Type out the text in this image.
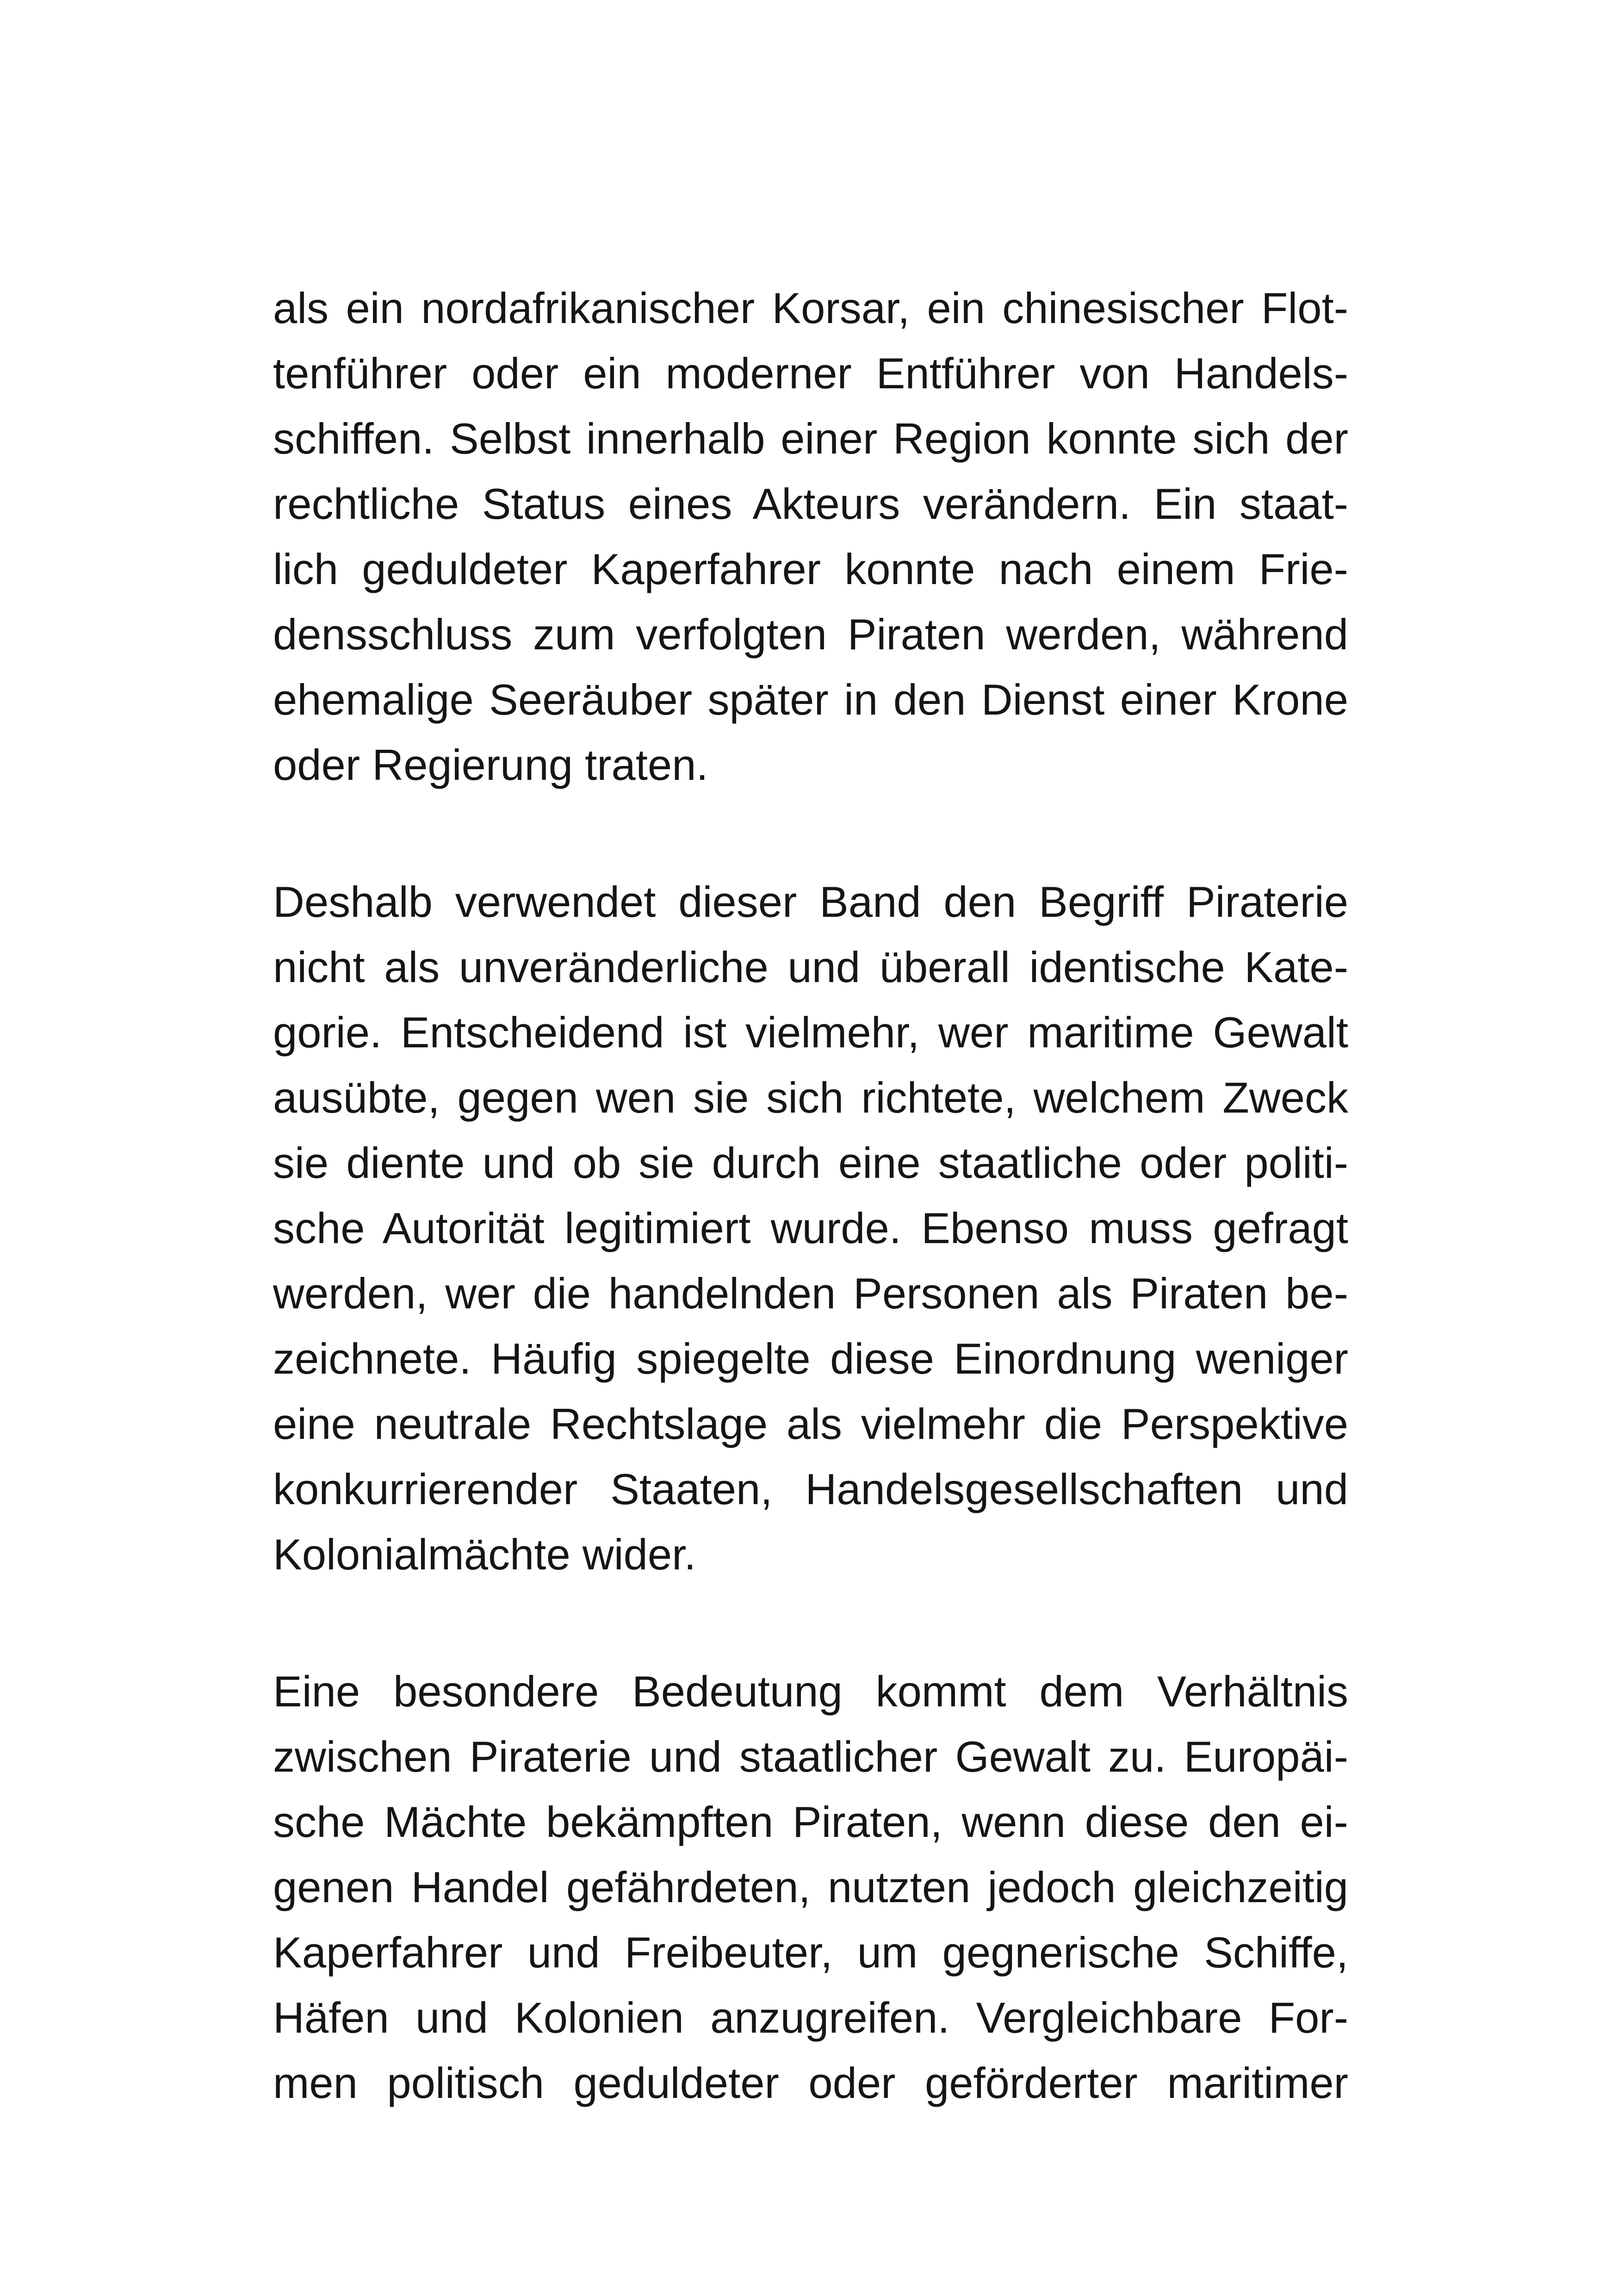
als ein nordafrikanischer Korsar, ein chinesischer Flot-
tenführer oder ein moderner Entführer von Handels-
schiffen. Selbst innerhalb einer Region konnte sich der
rechtliche Status eines Akteurs verändern. Ein staat-
lich geduldeter Kaperfahrer konnte nach einem Frie-
densschluss zum verfolgten Piraten werden, während
ehemalige Seeräuber später in den Dienst einer Krone
oder Regierung traten.
Deshalb verwendet dieser Band den Begriff Piraterie
nicht als unveränderliche und überall identische Kate-
gorie. Entscheidend ist vielmehr, wer maritime Gewalt
ausübte, gegen wen sie sich richtete, welchem Zweck
sie diente und ob sie durch eine staatliche oder politi-
sche Autorität legitimiert wurde. Ebenso muss gefragt
werden, wer die handelnden Personen als Piraten be-
zeichnete. Häufig spiegelte diese Einordnung weniger
eine neutrale Rechtslage als vielmehr die Perspektive
konkurrierender Staaten, Handelsgesellschaften und
Kolonialmächte wider.
Eine besondere Bedeutung kommt dem Verhältnis
zwischen Piraterie und staatlicher Gewalt zu. Europäi-
sche Mächte bekämpften Piraten, wenn diese den ei-
genen Handel gefährdeten, nutzten jedoch gleichzeitig
Kaperfahrer und Freibeuter, um gegnerische Schiffe,
Häfen und Kolonien anzugreifen. Vergleichbare For-
men politisch geduldeter oder geförderter maritimer
